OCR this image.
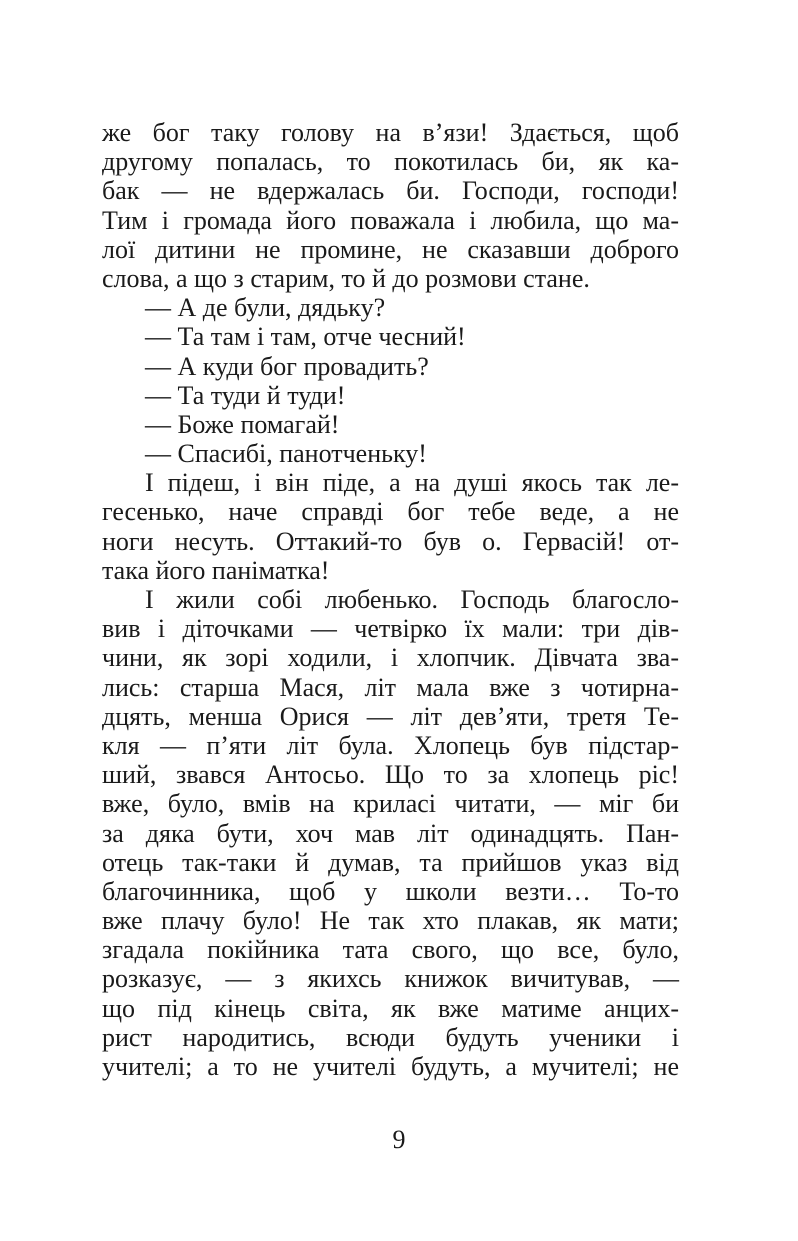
же бог таку голову на в’язи! Здається, щоб
другому попалась, то покотилась би, як ка-
бак — не вдержалась би. Господи, господи!
Тим і громада його поважала і любила, що ма-
лої дитини не промине, не сказавши доброго
слова, а що з старим, то й до розмови стане.
— А де були, дядьку?
— Та там і там, отче чесний!
— А куди бог провадить?
— Та туди й туди!
— Боже помагай!
— Спасибі, панотченьку!
І підеш, і він піде, а на душі якось так ле-
гесенько, наче справді бог тебе веде, а не
ноги несуть. Оттакий-то був о. Гервасій! от-
така його паніматка!
І жили собі любенько. Господь благосло-
вив і діточками — четвірко їх мали: три дів-
чини, як зорі ходили, і хлопчик. Дівчата зва-
лись: старша Мася, літ мала вже з чотирна-
дцять, менша Орися — літ дев’яти, третя Те-
кля — п’яти літ була. Хлопець був підстар-
ший, звався Антосьо. Що то за хлопець ріс!
вже, було, вмів на криласі читати, — міг би
за дяка бути, хоч мав літ одинадцять. Пан-
отець так-таки й думав, та прийшов указ від
благочинника, щоб у школи везти… То-то
вже плачу було! Не так хто плакав, як мати;
згадала покійника тата свого, що все, було,
розказує, — з якихсь книжок вичитував, —
що під кінець світа, як вже матиме анцих-
рист народитись, всюди будуть ученики і
учителі; а то не учителі будуть, а мучителі; не
9
